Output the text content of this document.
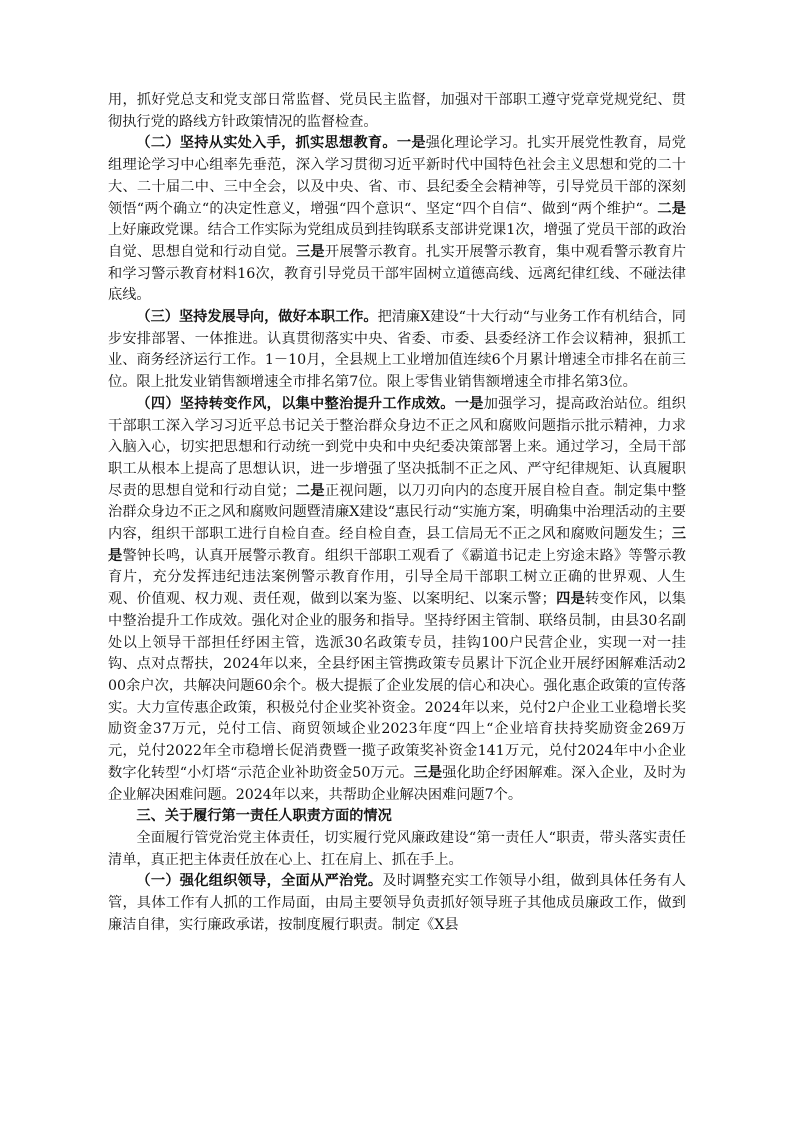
用，抓好党总支和党支部日常监督、党员民主监督，加强对干部职工遵守党章党规党纪、贯彻执行党的路线方针政策情况的监督检查。

（二）坚持从实处入手，抓实思想教育。一是强化理论学习。扎实开展党性教育，局党组理论学习中心组率先垂范，深入学习贯彻习近平新时代中国特色社会主义思想和党的二十大、二十届二中、三中全会，以及中央、省、市、县纪委全会精神等，引导党员干部的深刻领悟“两个确立“的决定性意义，增强“四个意识“、坚定“四个自信“、做到“两个维护“。二是上好廉政党课。结合工作实际为党组成员到挂钩联系支部讲党课1次，增强了党员干部的政治自觉、思想自觉和行动自觉。三是开展警示教育。扎实开展警示教育，集中观看警示教育片和学习警示教育材料16次，教育引导党员干部牢固树立道德高线、远离纪律红线、不碰法律底线。

（三）坚持发展导向，做好本职工作。把清廉X建设“十大行动“与业务工作有机结合，同步安排部署、一体推进。认真贯彻落实中央、省委、市委、县委经济工作会议精神，狠抓工业、商务经济运行工作。1－10月，全县规上工业增加值连续6个月累计增速全市排名在前三位。限上批发业销售额增速全市排名第7位。限上零售业销售额增速全市排名第3位。

（四）坚持转变作风，以集中整治提升工作成效。一是加强学习，提高政治站位。组织干部职工深入学习习近平总书记关于整治群众身边不正之风和腐败问题指示批示精神，力求入脑入心，切实把思想和行动统一到党中央和中央纪委决策部署上来。通过学习，全局干部职工从根本上提高了思想认识，进一步增强了坚决抵制不正之风、严守纪律规矩、认真履职尽责的思想自觉和行动自觉；二是正视问题，以刀刃向内的态度开展自检自查。制定集中整治群众身边不正之风和腐败问题暨清廉X建设“惠民行动“实施方案，明确集中治理活动的主要内容，组织干部职工进行自检自查。经自检自查，县工信局无不正之风和腐败问题发生；三是警钟长鸣，认真开展警示教育。组织干部职工观看了《霸道书记走上穷途末路》等警示教育片，充分发挥违纪违法案例警示教育作用，引导全局干部职工树立正确的世界观、人生观、价值观、权力观、责任观，做到以案为鉴、以案明纪、以案示警；四是转变作风，以集中整治提升工作成效。强化对企业的服务和指导。坚持纾困主管制、联络员制，由县30名副处以上领导干部担任纾困主管，选派30名政策专员，挂钩100户民营企业，实现一对一挂钩、点对点帮扶，2024年以来，全县纾困主管携政策专员累计下沉企业开展纾困解难活动200余户次，共解决问题60余个。极大提振了企业发展的信心和决心。强化惠企政策的宣传落实。大力宣传惠企政策，积极兑付企业奖补资金。2024年以来，兑付2户企业工业稳增长奖励资金37万元，兑付工信、商贸领域企业2023年度“四上“企业培育扶持奖励资金269万元，兑付2022年全市稳增长促消费暨一揽子政策奖补资金141万元，兑付2024年中小企业数字化转型“小灯塔“示范企业补助资金50万元。三是强化助企纾困解难。深入企业，及时为企业解决困难问题。2024年以来，共帮助企业解决困难问题7个。

三、关于履行第一责任人职责方面的情况

全面履行管党治党主体责任，切实履行党风廉政建设“第一责任人“职责，带头落实责任清单，真正把主体责任放在心上、扛在肩上、抓在手上。

（一）强化组织领导，全面从严治党。及时调整充实工作领导小组，做到具体任务有人管，具体工作有人抓的工作局面，由局主要领导负责抓好领导班子其他成员廉政工作，做到廉洁自律，实行廉政承诺，按制度履行职责。制定《X县
